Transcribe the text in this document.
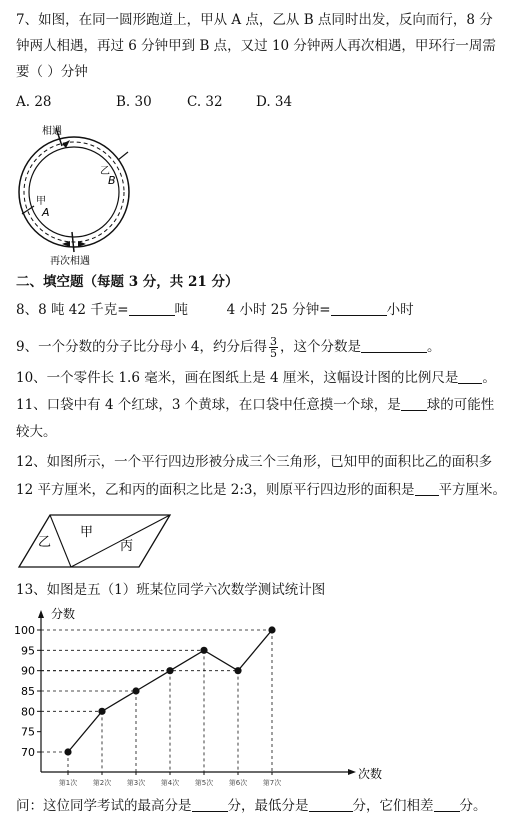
7、如图，在同一圆形跑道上，甲从 A 点，乙从 B 点同时出发，反向而行，8 分
钟两人相遇，再过 6 分钟甲到 B 点，又过 10 分钟两人再次相遇，甲环行一周需
要（ ）分钟
A. 28	B. 30	C. 32 D. 34
相遇
甲
A
乙
B
再次相遇
二、填空题（每题 3 分，共 21 分）
8、8 吨 42 千克=	吨	4 小时 25 分钟=	小时
9、一个分数的分子比分母小 4，约分后得 $\frac{3}{5}$ ，这个分数是	。
10、一个零件长 1.6 毫米，画在图纸上是 4 厘米，这幅设计图的比例尺是 。
11、口袋中有 4 个红球，3 个黄球，在口袋中任意摸一个球，是 球的可能性
较大。
12、如图所示，一个平行四边形被分成三个三角形，已知甲的面积比乙的面积多
12 平方厘米，乙和丙的面积之比是 2:3，则原平行四边形的面积是 平方厘米。
乙
甲
丙
13、如图是五（1）班某位同学六次数学测试统计图
分数
次数
70
75
80
85
90
95
100
第1次 第2次 第3次 第4次 第5次 第6次 第7次
问：这位同学考试的最高分是	分，最低分是	分，它们相差 分。
